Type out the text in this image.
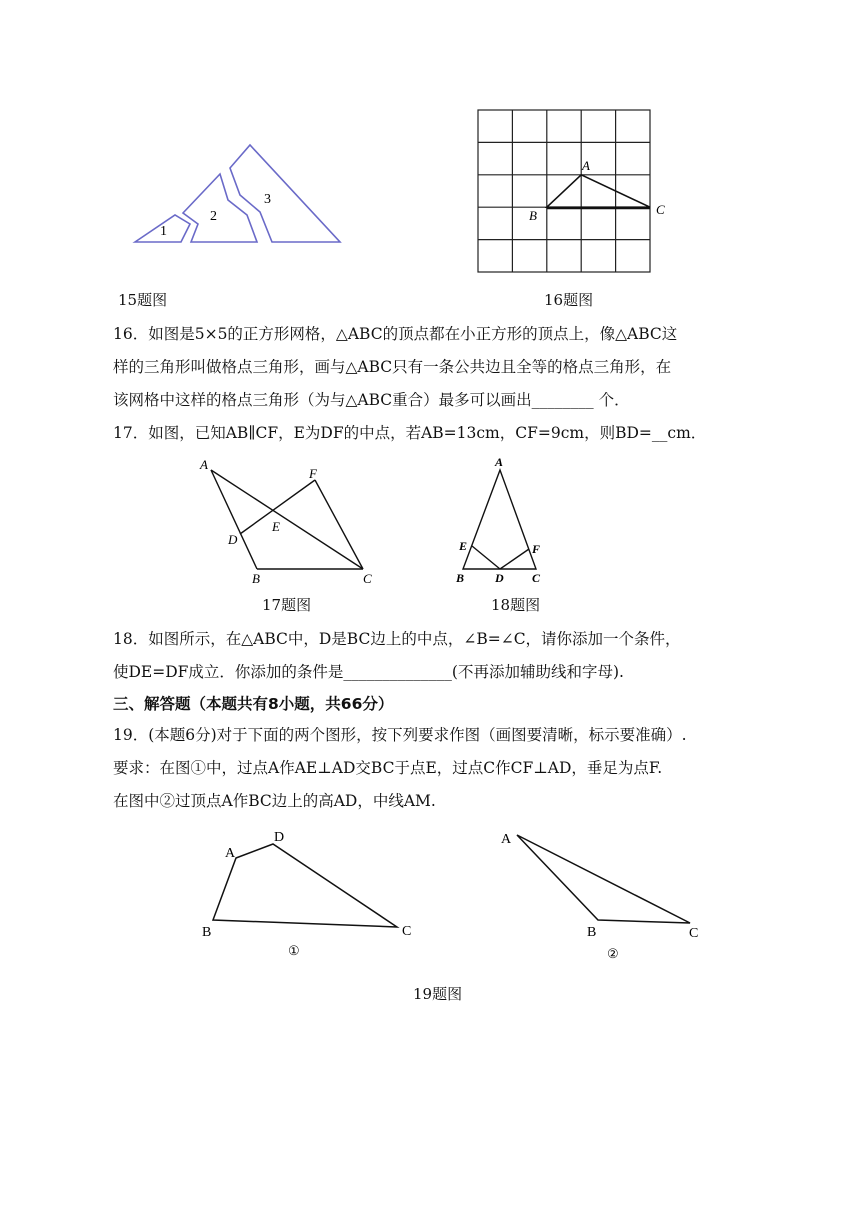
1
2
3
15题图
A
B	C
16题图

16．如图是5×5的正方形网格，△ABC的顶点都在小正方形的顶点上，像△ABC这

样的三角形叫做格点三角形，画与△ABC只有一条公共边且全等的格点三角形，在

该网格中这样的格点三角形（为与△ABC重合）最多可以画出________ 个．

17．如图，已知AB∥CF，E为DF的中点，若AB=13cm，CF=9cm，则BD=__cm．

A
F
E
D
B	C
17题图
A
E	F
B	D C
18题图

18．如图所示，在△ABC中，D是BC边上的中点，∠B=∠C，请你添加一个条件，

使DE=DF成立．你添加的条件是______________(不再添加辅助线和字母).

三、解答题（本题共有8小题，共66分）

19．(本题6分)对于下面的两个图形，按下列要求作图（画图要清晰，标示要准确）.

要求：在图①中，过点A作AE⊥AD交BC于点E，过点C作CF⊥AD，垂足为点F.

在图中②过顶点A作BC边上的高AD，中线AM.

A
D
B	C
①
A
B	C
②
19题图
